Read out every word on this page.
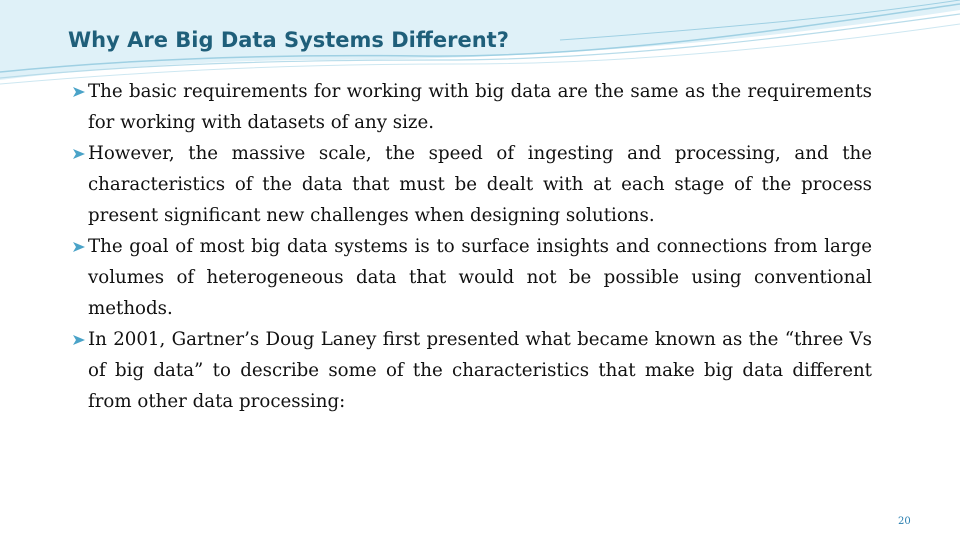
Why Are Big Data Systems Different?
The basic requirements for working with big data are the same as the requirements for working with datasets of any size.
However, the massive scale, the speed of ingesting and processing, and the characteristics of the data that must be dealt with at each stage of the process present significant new challenges when designing solutions.
The goal of most big data systems is to surface insights and connections from large volumes of heterogeneous data that would not be possible using conventional methods.
In 2001, Gartner’s Doug Laney first presented what became known as the “three Vs of big data” to describe some of the characteristics that make big data different from other data processing:
20
